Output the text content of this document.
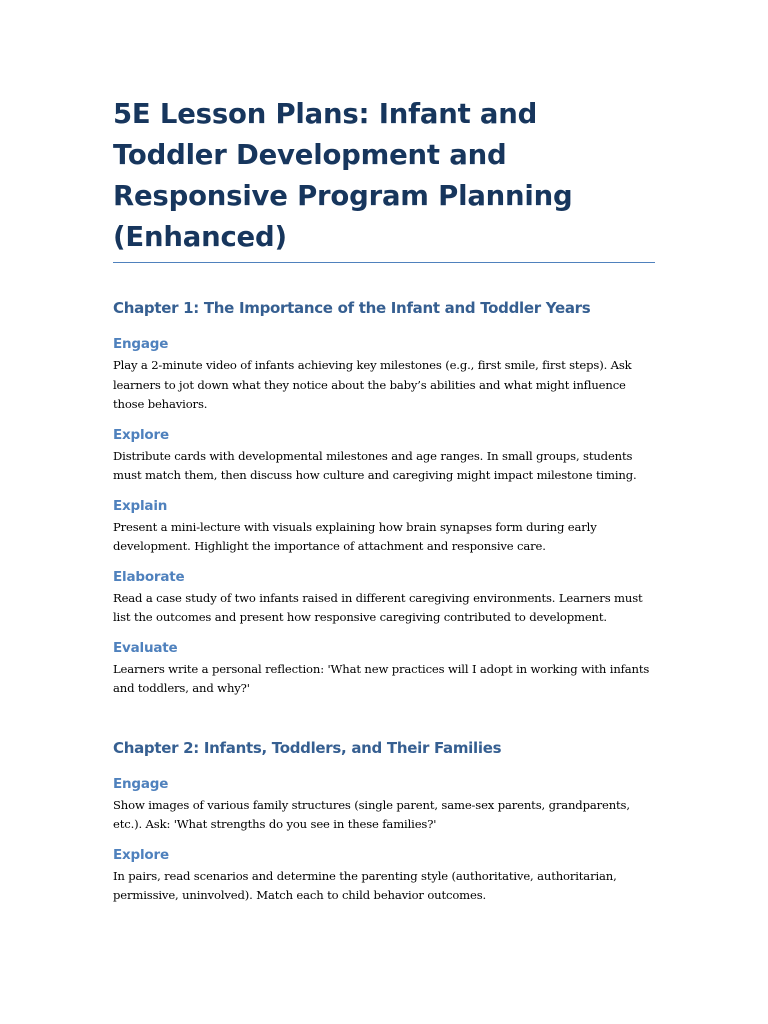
5E Lesson Plans: Infant and Toddler Development and Responsive Program Planning (Enhanced)
Chapter 1: The Importance of the Infant and Toddler Years
Engage

Play a 2-minute video of infants achieving key milestones (e.g., first smile, first steps). Ask learners to jot down what they notice about the baby’s abilities and what might influence those behaviors.

Explore

Distribute cards with developmental milestones and age ranges. In small groups, students must match them, then discuss how culture and caregiving might impact milestone timing.

Explain

Present a mini-lecture with visuals explaining how brain synapses form during early development. Highlight the importance of attachment and responsive care.

Elaborate

Read a case study of two infants raised in different caregiving environments. Learners must list the outcomes and present how responsive caregiving contributed to development.

Evaluate

Learners write a personal reflection: 'What new practices will I adopt in working with infants and toddlers, and why?'

Chapter 2: Infants, Toddlers, and Their Families
Engage

Show images of various family structures (single parent, same-sex parents, grandparents, etc.). Ask: 'What strengths do you see in these families?'

Explore

In pairs, read scenarios and determine the parenting style (authoritative, authoritarian, permissive, uninvolved). Match each to child behavior outcomes.
